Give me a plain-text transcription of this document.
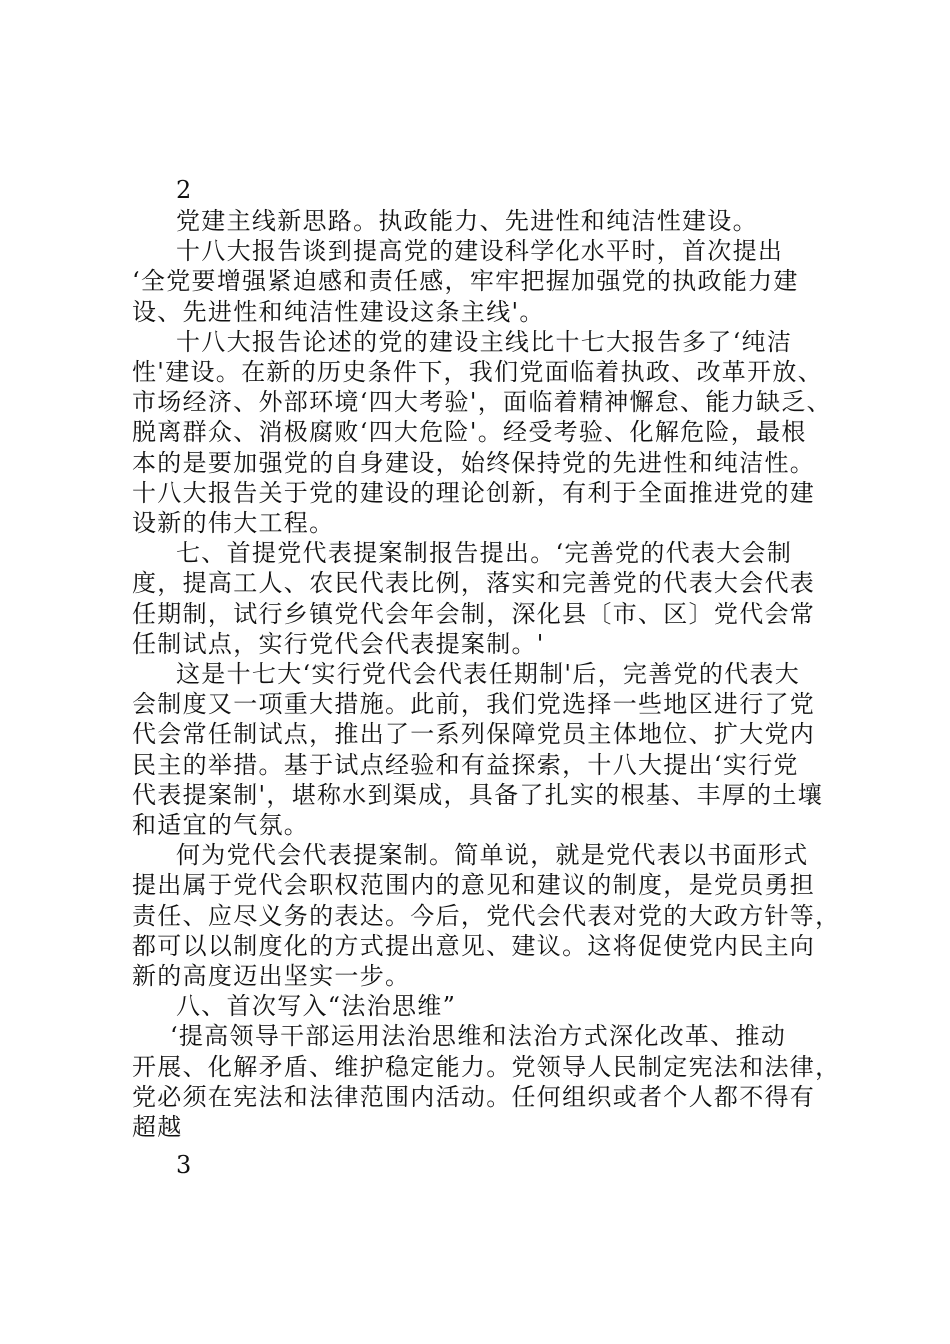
2
党建主线新思路。执政能力、先进性和纯洁性建设。
十八大报告谈到提高党的建设科学化水平时，首次提出
‘全党要增强紧迫感和责任感，牢牢把握加强党的执政能力建
设、先进性和纯洁性建设这条主线'。
十八大报告论述的党的建设主线比十七大报告多了‘纯洁
性'建设。在新的历史条件下，我们党面临着执政、改革开放、
市场经济、外部环境‘四大考验'，面临着精神懈怠、能力缺乏、
脱离群众、消极腐败‘四大危险'。经受考验、化解危险，最根
本的是要加强党的自身建设，始终保持党的先进性和纯洁性。
十八大报告关于党的建设的理论创新，有利于全面推进党的建
设新的伟大工程。
七、首提党代表提案制报告提出。‘完善党的代表大会制
度，提高工人、农民代表比例，落实和完善党的代表大会代表
任期制，试行乡镇党代会年会制，深化县〔市、区〕党代会常
任制试点，实行党代会代表提案制。'
这是十七大‘实行党代会代表任期制'后，完善党的代表大
会制度又一项重大措施。此前，我们党选择一些地区进行了党
代会常任制试点，推出了一系列保障党员主体地位、扩大党内
民主的举措。基于试点经验和有益探索，十八大提出‘实行党
代表提案制'，堪称水到渠成，具备了扎实的根基、丰厚的土壤
和适宜的气氛。
何为党代会代表提案制。简单说，就是党代表以书面形式
提出属于党代会职权范围内的意见和建议的制度，是党员勇担
责任、应尽义务的表达。今后，党代会代表对党的大政方针等，
都可以以制度化的方式提出意见、建议。这将促使党内民主向
新的高度迈出坚实一步。
八、首次写入“法治思维”
‘提高领导干部运用法治思维和法治方式深化改革、推动
开展、化解矛盾、维护稳定能力。党领导人民制定宪法和法律，
党必须在宪法和法律范围内活动。任何组织或者个人都不得有
超越
3
